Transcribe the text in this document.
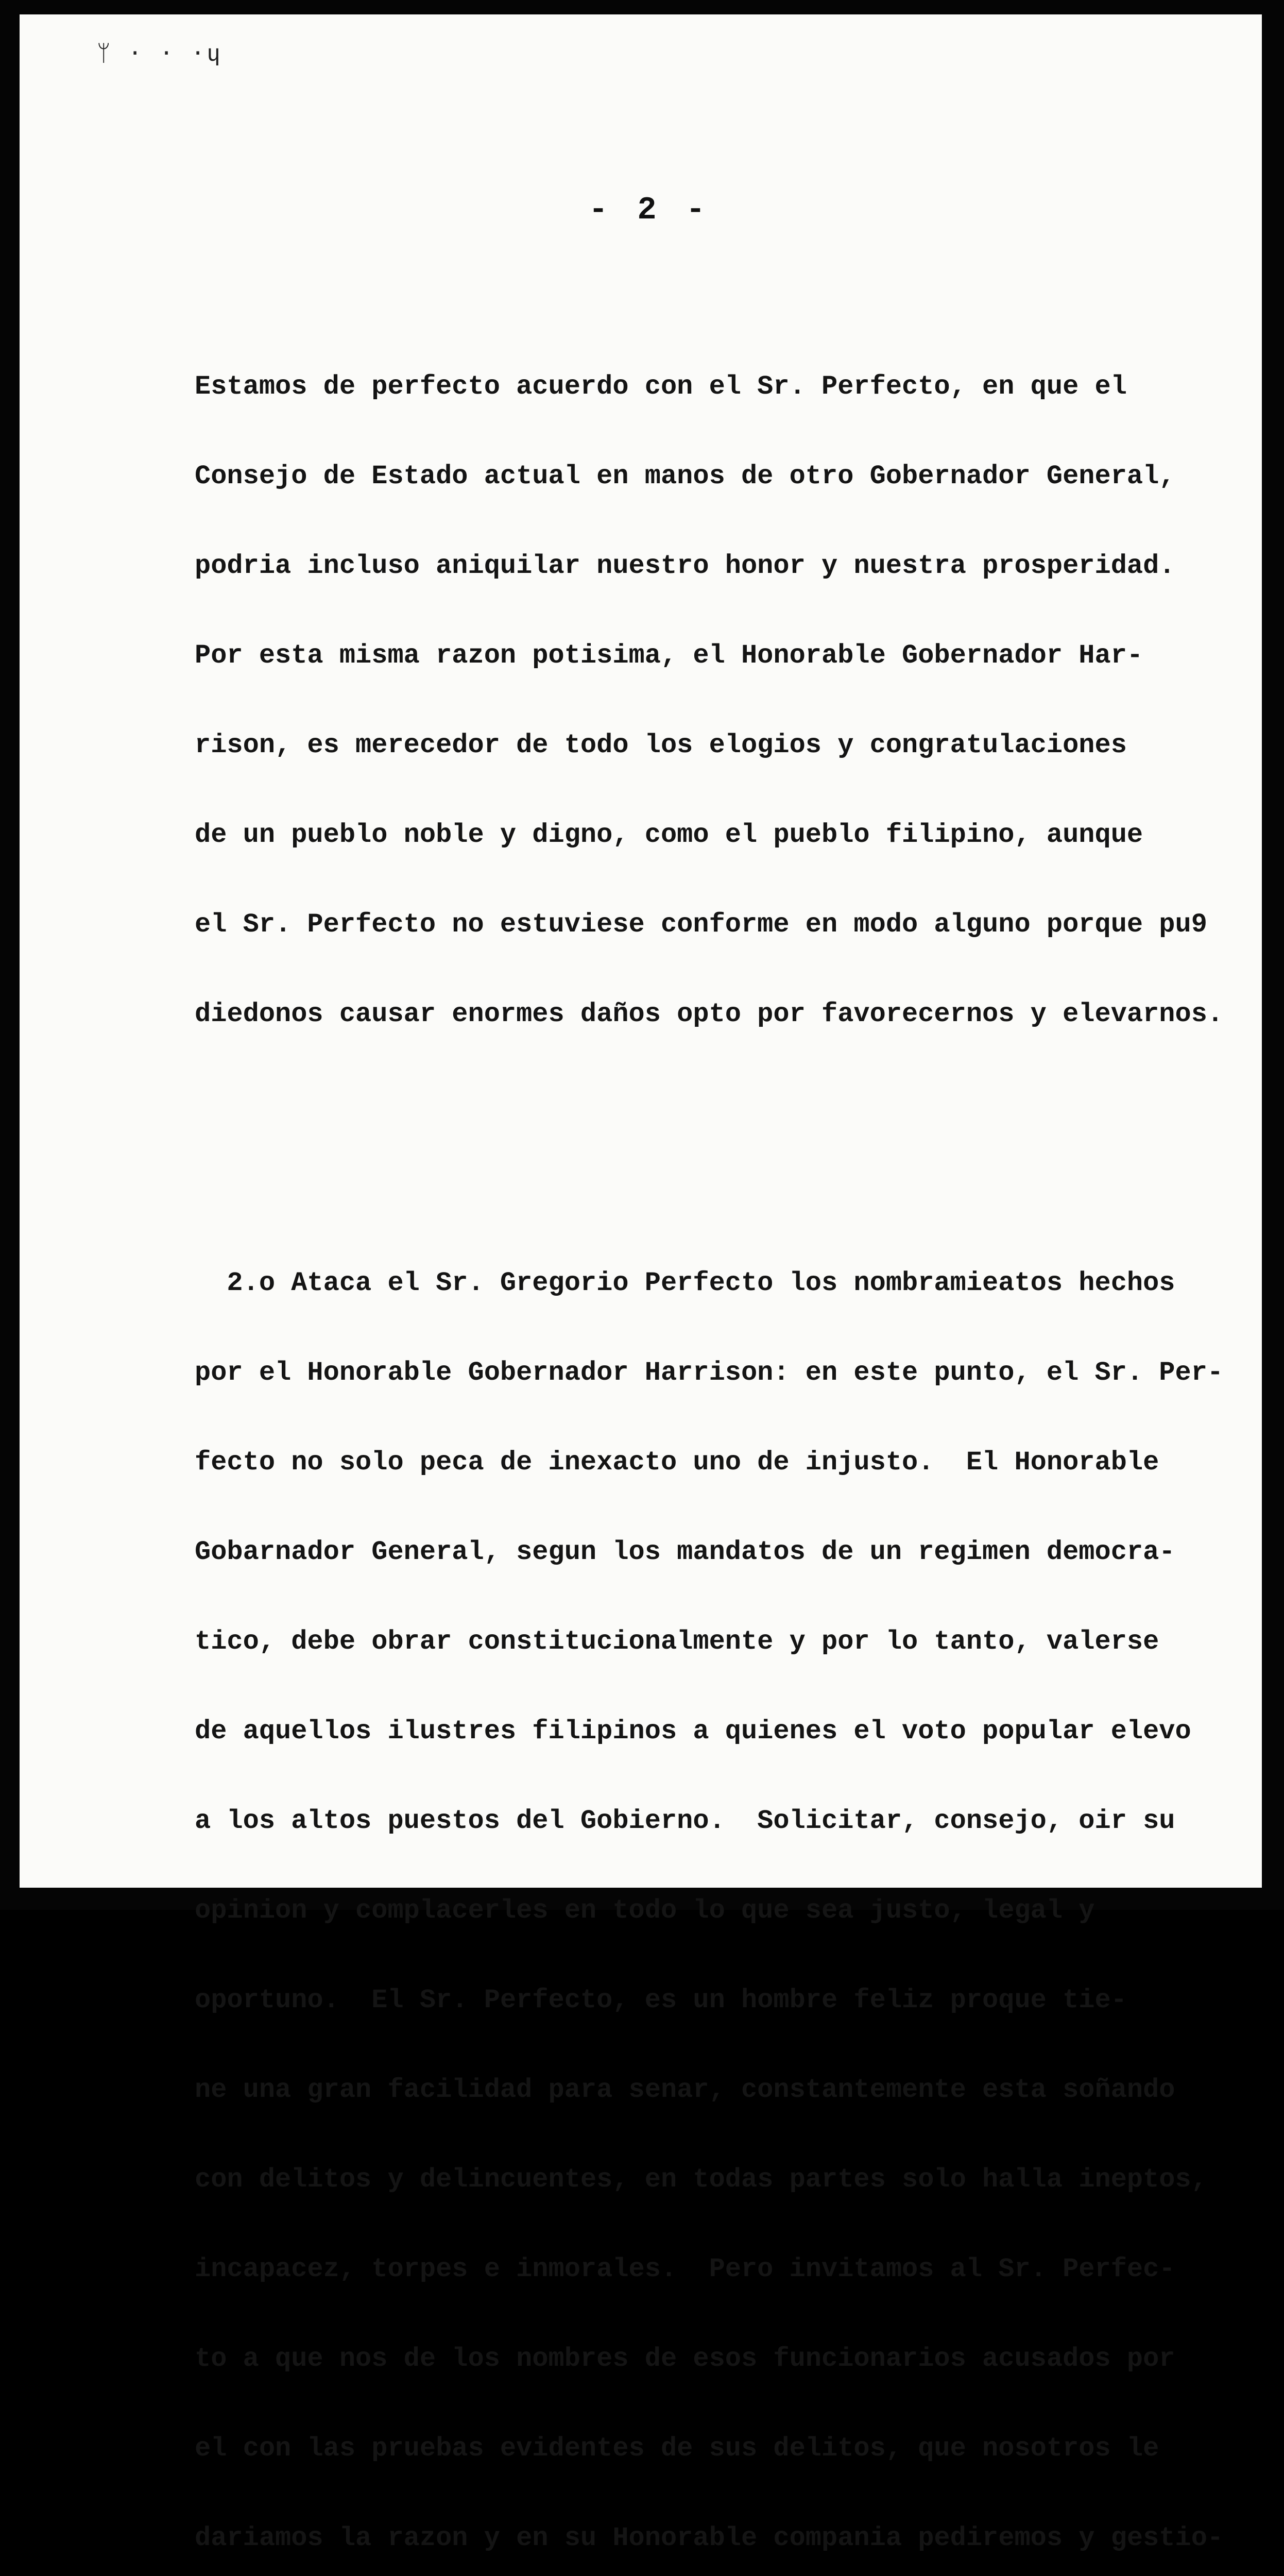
ᛘ · · ·ɥ
- 2 -

Estamos de perfecto acuerdo con el Sr. Perfecto, en que el

Consejo de Estado actual en manos de otro Gobernador General,

podria incluso aniquilar nuestro honor y nuestra prosperidad.

Por esta misma razon potisima, el Honorable Gobernador Har-

rison, es merecedor de todo los elogios y congratulaciones

de un pueblo noble y digno, como el pueblo filipino, aunque

el Sr. Perfecto no estuviese conforme en modo alguno porque pu9

diedonos causar enormes daños opto por favorecernos y elevarnos.

2.o Ataca el Sr. Gregorio Perfecto los nombramieatos hechos

por el Honorable Gobernador Harrison: en este punto, el Sr. Per-

fecto no solo peca de inexacto uno de injusto.  El Honorable

Gobarnador General, segun los mandatos de un regimen democra-

tico, debe obrar constitucionalmente y por lo tanto, valerse

de aquellos ilustres filipinos a quienes el voto popular elevo

a los altos puestos del Gobierno.  Solicitar, consejo, oir su

opinion y complacerles en todo lo que sea justo, legal y

oportuno.  El Sr. Perfecto, es un hombre feliz proque tie-

ne una gran facilidad para senar, constantemente esta soñando

con delitos y delincuentes, en todas partes solo halla ineptos,

incapacez, torpes e inmorales.  Pero invitamos al Sr. Perfec-

to a que nos de los nombres de esos funcionarios acusados por

el con las pruebas evidentes de sus delitos, que nosotros le

dariamos la razon y en su Honorable compania pediremos y gestio-
